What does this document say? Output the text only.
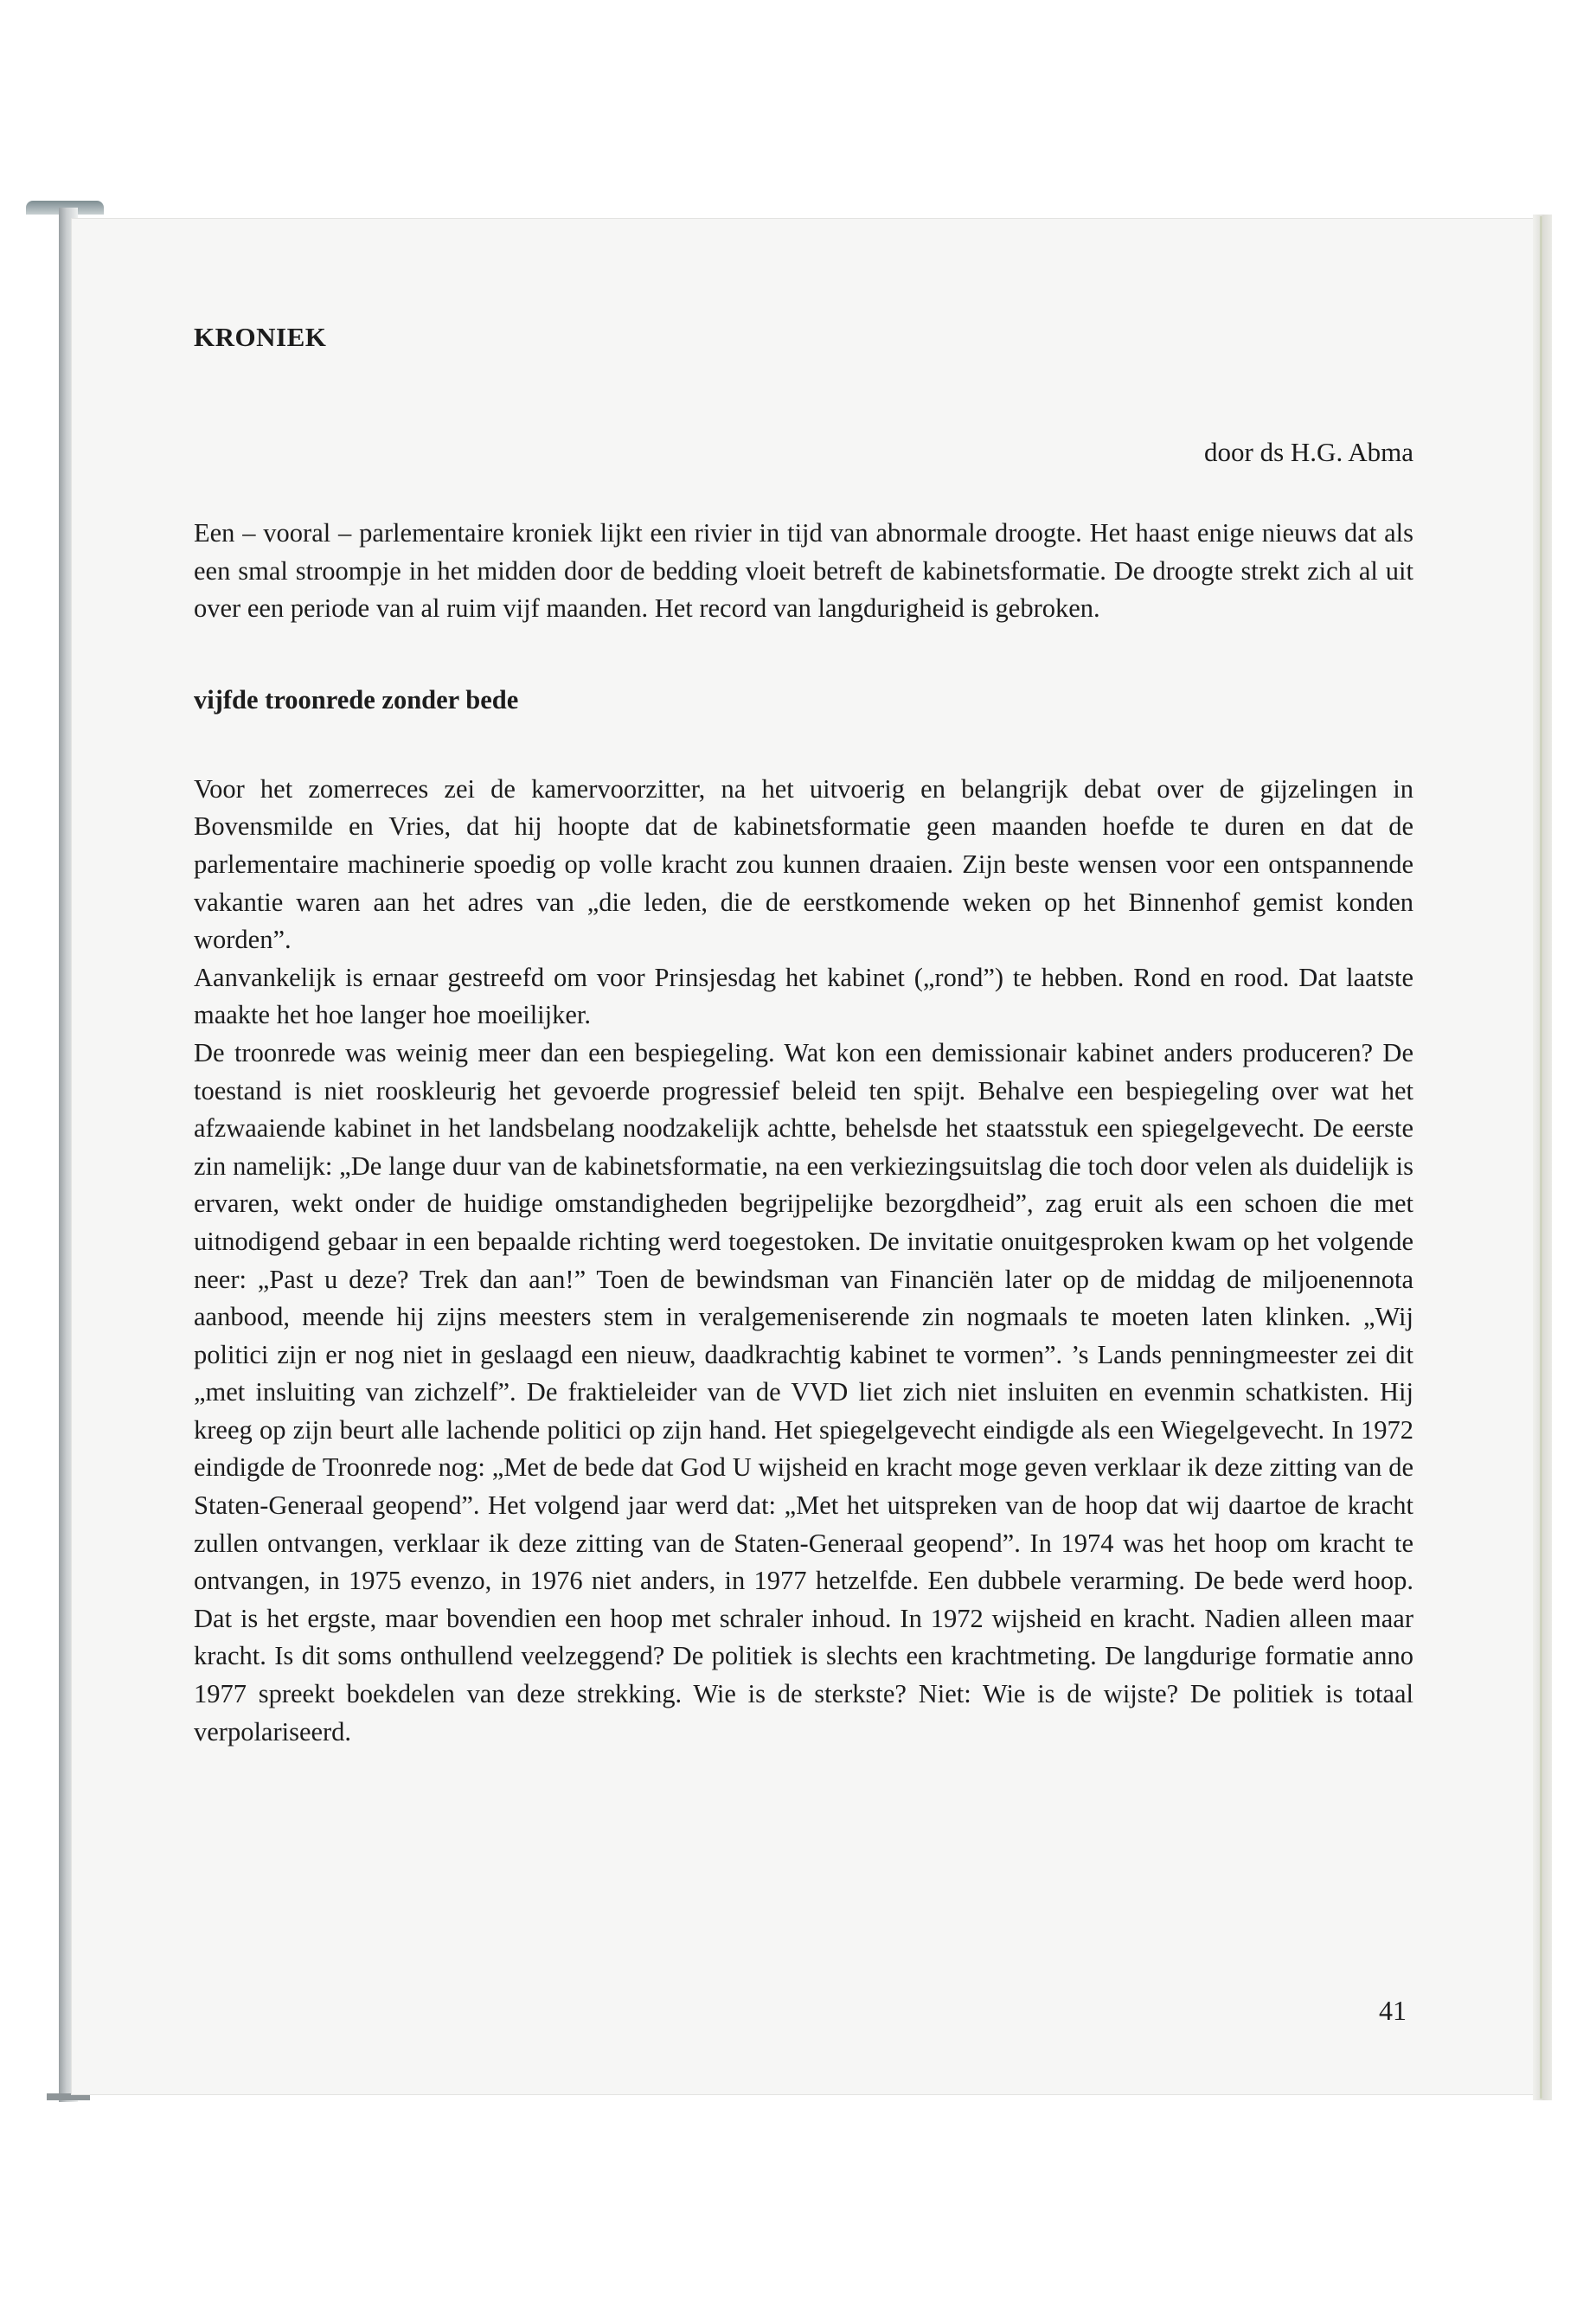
KRONIEK
door ds H.G. Abma

Een – vooral – parlementaire kroniek lijkt een rivier in tijd van abnormale droogte. Het haast enige nieuws dat als een smal stroompje in het midden door de bedding vloeit betreft de kabinetsformatie. De droogte strekt zich al uit over een periode van al ruim vijf maanden. Het record van langdurigheid is gebroken.

vijfde troonrede zonder bede

Voor het zomerreces zei de kamervoorzitter, na het uitvoerig en belangrijk debat over de gijzelingen in Bovensmilde en Vries, dat hij hoopte dat de kabinetsformatie geen maanden hoefde te duren en dat de parlementaire machinerie spoedig op volle kracht zou kunnen draaien. Zijn beste wensen voor een ontspannende vakantie waren aan het adres van „die leden, die de eerstkomende weken op het Binnenhof gemist konden worden”.

Aanvankelijk is ernaar gestreefd om voor Prinsjesdag het kabinet („rond”) te hebben. Rond en rood. Dat laatste maakte het hoe langer hoe moeilijker.

De troonrede was weinig meer dan een bespiegeling. Wat kon een demissionair kabinet anders produceren? De toestand is niet rooskleurig het gevoerde progressief beleid ten spijt. Behalve een bespiegeling over wat het afzwaaiende kabinet in het landsbelang noodzakelijk achtte, behelsde het staatsstuk een spiegelgevecht. De eerste zin namelijk: „De lange duur van de kabinetsformatie, na een verkiezingsuitslag die toch door velen als duidelijk is ervaren, wekt onder de huidige omstandigheden begrijpelijke bezorgdheid”, zag eruit als een schoen die met uitnodigend gebaar in een bepaalde richting werd toegestoken. De invitatie onuitgesproken kwam op het volgende neer: „Past u deze? Trek dan aan!” Toen de bewindsman van Financiën later op de middag de miljoenennota aanbood, meende hij zijns meesters stem in veralgemeniserende zin nogmaals te moeten laten klinken. „Wij politici zijn er nog niet in geslaagd een nieuw, daadkrachtig kabinet te vormen”. ’s Lands penningmeester zei dit „met insluiting van zichzelf”. De fraktieleider van de VVD liet zich niet insluiten en evenmin schatkisten. Hij kreeg op zijn beurt alle lachende politici op zijn hand. Het spiegelgevecht eindigde als een Wiegelgevecht. In 1972 eindigde de Troonrede nog: „Met de bede dat God U wijsheid en kracht moge geven verklaar ik deze zitting van de Staten-Generaal geopend”. Het volgend jaar werd dat: „Met het uitspreken van de hoop dat wij daartoe de kracht zullen ontvangen, verklaar ik deze zitting van de Staten-Generaal geopend”. In 1974 was het hoop om kracht te ontvangen, in 1975 evenzo, in 1976 niet anders, in 1977 hetzelfde. Een dubbele verarming. De bede werd hoop. Dat is het ergste, maar bovendien een hoop met schraler inhoud. In 1972 wijsheid en kracht. Nadien alleen maar kracht. Is dit soms onthullend veelzeggend? De politiek is slechts een krachtmeting. De langdurige formatie anno 1977 spreekt boekdelen van deze strekking. Wie is de sterkste? Niet: Wie is de wijste? De politiek is totaal verpolariseerd.

41
